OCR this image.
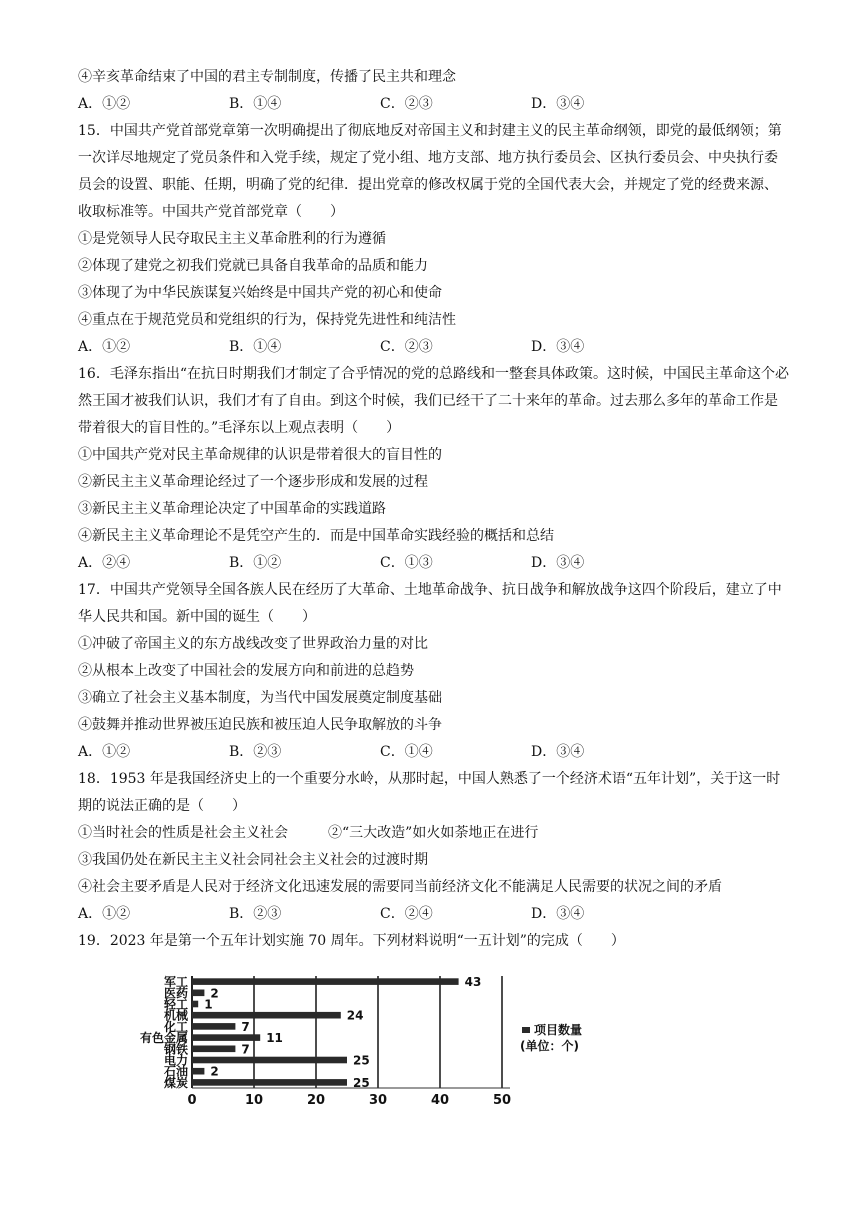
④辛亥革命结束了中国的君主专制制度，传播了民主共和理念
A．①②	B．①④	C．②③	D．③④
15．中国共产党首部党章第一次明确提出了彻底地反对帝国主义和封建主义的民主革命纲领，即党的最低纲领；第一次详尽地规定了党员条件和入党手续，规定了党小组、地方支部、地方执行委员会、区执行委员会、中央执行委员会的设置、职能、任期，明确了党的纪律．提出党章的修改权属于党的全国代表大会，并规定了党的经费来源、收取标准等。中国共产党首部党章（　　）
①是党领导人民夺取民主主义革命胜利的行为遵循
②体现了建党之初我们党就已具备自我革命的品质和能力
③体现了为中华民族谋复兴始终是中国共产党的初心和使命
④重点在于规范党员和党组织的行为，保持党先进性和纯洁性
A．①②	B．①④	C．②③	D．③④
16．毛泽东指出“在抗日时期我们才制定了合乎情况的党的总路线和一整套具体政策。这时候，中国民主革命这个必然王国才被我们认识，我们才有了自由。到这个时候，我们已经干了二十来年的革命。过去那么多年的革命工作是带着很大的盲目性的。”毛泽东以上观点表明（　　）
①中国共产党对民主革命规律的认识是带着很大的盲目性的
②新民主主义革命理论经过了一个逐步形成和发展的过程
③新民主主义革命理论决定了中国革命的实践道路
④新民主主义革命理论不是凭空产生的．而是中国革命实践经验的概括和总结
A．②④	B．①②	C．①③	D．③④
17．中国共产党领导全国各族人民在经历了大革命、土地革命战争、抗日战争和解放战争这四个阶段后，建立了中华人民共和国。新中国的诞生（　　）
①冲破了帝国主义的东方战线改变了世界政治力量的对比
②从根本上改变了中国社会的发展方向和前进的总趋势
③确立了社会主义基本制度，为当代中国发展奠定制度基础
④鼓舞并推动世界被压迫民族和被压迫人民争取解放的斗争
A．①②	B．②③	C．①④	D．③④
18．1953 年是我国经济史上的一个重要分水岭，从那时起，中国人熟悉了一个经济术语“五年计划”，关于这一时期的说法正确的是（　　）
①当时社会的性质是社会主义社会	②“三大改造”如火如荼地正在进行
③我国仍处在新民主主义社会同社会主义社会的过渡时期
④社会主要矛盾是人民对于经济文化迅速发展的需要同当前经济文化不能满足人民需要的状况之间的矛盾
A．①②	B．②③	C．②④	D．③④
19．2023 年是第一个五年计划实施 70 周年。下列材料说明“一五计划”的完成（　　）
军工	43
医药 2
轻工 1
机械	24
化工	7
有色金属	11
钢铁	7
电力	25
石油 2
煤炭	25
0	10	20	30	40	50
项目数量
(单位：个)
